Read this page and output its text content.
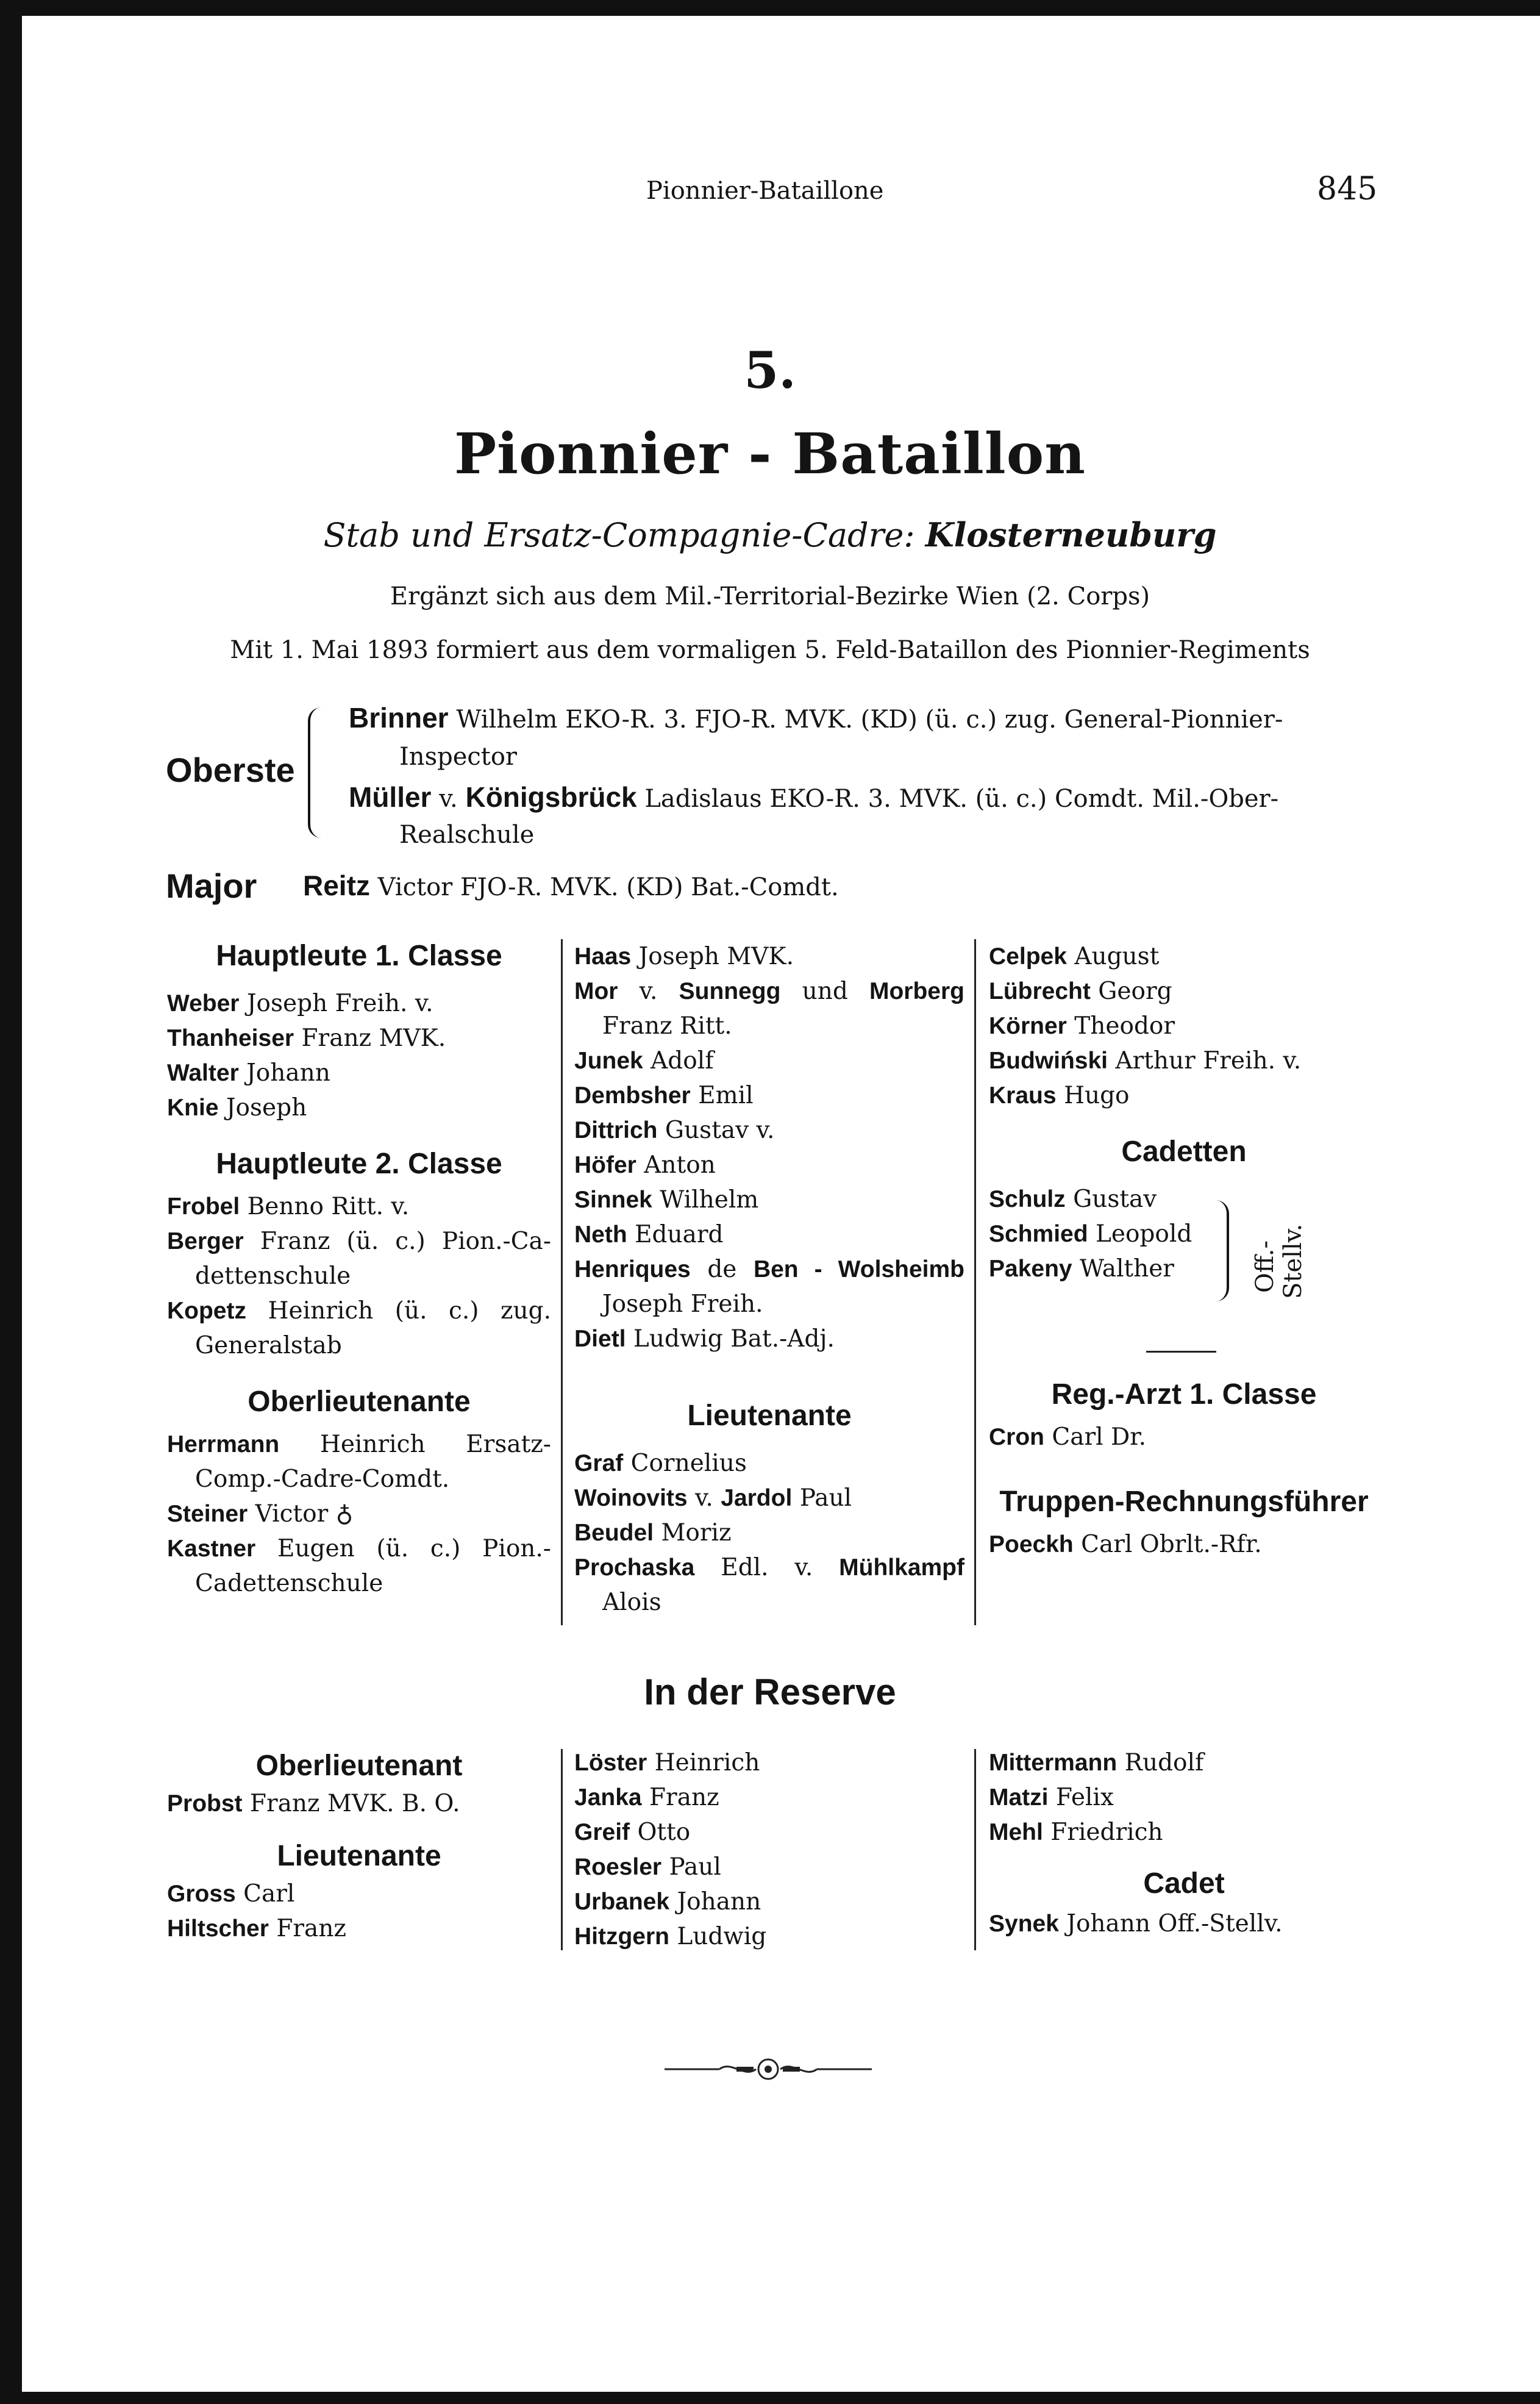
Pionnier-Bataillone	845
5.
Pionnier - Bataillon
Stab und Ersatz-Compagnie-Cadre: Klosterneuburg
Ergänzt sich aus dem Mil.-Territorial-Bezirke Wien (2. Corps)
Mit 1. Mai 1893 formiert aus dem vormaligen 5. Feld-Bataillon des Pionnier-Regiments
Oberste
Brinner Wilhelm EKO-R. 3. FJO-R. MVK. (KD) (ü. c.) zug. General-Pionnier-
Inspector
Müller v. Königsbrück Ladislaus EKO-R. 3. MVK. (ü. c.) Comdt. Mil.-Ober-
Realschule
Major Reitz Victor FJO-R. MVK. (KD) Bat.-Comdt.
Hauptleute 1. Classe
Weber Joseph Freih. v.
Thanheiser Franz MVK.
Walter Johann
Knie Joseph
Hauptleute 2. Classe
Frobel Benno Ritt. v.
Berger Franz (ü. c.) Pion.-Ca-
dettenschule
Kopetz Heinrich (ü. c.) zug.
Generalstab
Oberlieutenante
Herrmann Heinrich Ersatz-
Comp.-Cadre-Comdt.
Steiner Victor ♁
Kastner Eugen (ü. c.) Pion.-
Cadettenschule
Haas Joseph MVK.
Mor v. Sunnegg und Morberg
Franz Ritt.
Junek Adolf
Dembsher Emil
Dittrich Gustav v.
Höfer Anton
Sinnek Wilhelm
Neth Eduard
Henriques de Ben - Wolsheimb
Joseph Freih.
Dietl Ludwig Bat.-Adj.
Lieutenante
Graf Cornelius
Woinovits v. Jardol Paul
Beudel Moriz
Prochaska Edl. v. Mühlkampf
Alois
Celpek August
Lübrecht Georg
Körner Theodor
Budwiński Arthur Freih. v.
Kraus Hugo
Cadetten
Schulz Gustav
Schmied Leopold
Pakeny Walther
Reg.-Arzt 1. Classe
Cron Carl Dr.
Truppen-Rechnungsführer
Poeckh Carl Obrlt.-Rfr.
Off.- Stellv.
In der Reserve
Oberlieutenant
Probst Franz MVK. B. O.
Lieutenante
Gross Carl
Hiltscher Franz
Löster Heinrich
Janka Franz
Greif Otto
Roesler Paul
Urbanek Johann
Hitzgern Ludwig
Mittermann Rudolf
Matzi Felix
Mehl Friedrich
Cadet
Synek Johann Off.-Stellv.
